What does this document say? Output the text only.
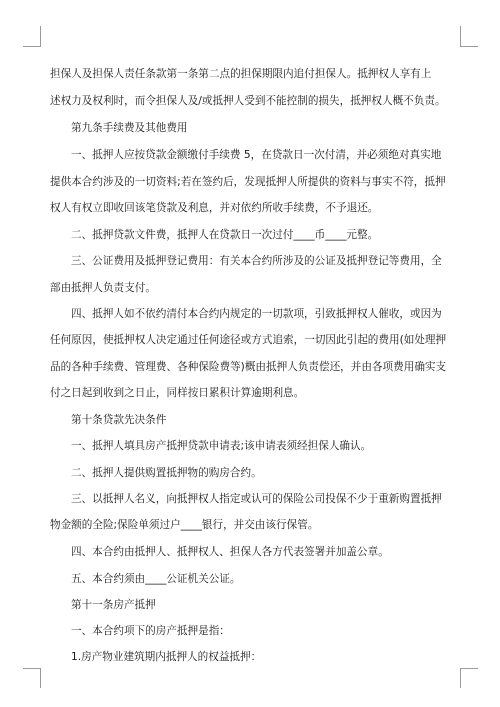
担保人及担保人责任条款第一条第二点的担保期限内追付担保人。抵押权人享有上
述权力及权利时，而令担保人及/或抵押人受到不能控制的损失，抵押权人概不负责。
第九条手续费及其他费用
一、抵押人应按贷款金额缴付手续费 5，在贷款日一次付清，并必须绝对真实地
提供本合约涉及的一切资料;若在签约后，发现抵押人所提供的资料与事实不符，抵押
权人有权立即收回该笔贷款及利息，并对依约所收手续费，不予退还。
二、抵押贷款文件费，抵押人在贷款日一次过付____币____元整。
三、公证费用及抵押登记费用：有关本合约所涉及的公证及抵押登记等费用，全
部由抵押人负责支付。
四、抵押人如不依约清付本合约内规定的一切款项，引致抵押权人催收，或因为
任何原因，使抵押权人决定通过任何途径或方式追索，一切因此引起的费用(如处理押
品的各种手续费、管理费、各种保险费等)概由抵押人负责偿还，并由各项费用确实支
付之日起到收到之日止，同样按日累积计算逾期利息。
第十条贷款先决条件
一、抵押人填具房产抵押贷款申请表;该申请表须经担保人确认。
二、抵押人提供购置抵押物的购房合约。
三、以抵押人名义，向抵押权人指定或认可的保险公司投保不少于重新购置抵押
物金额的全险;保险单须过户____银行，并交由该行保管。
四、本合约由抵押人、抵押权人、担保人各方代表签署并加盖公章。
五、本合约须由____公证机关公证。
第十一条房产抵押
一、本合约项下的房产抵押是指：
1.房产物业建筑期内抵押人的权益抵押：
